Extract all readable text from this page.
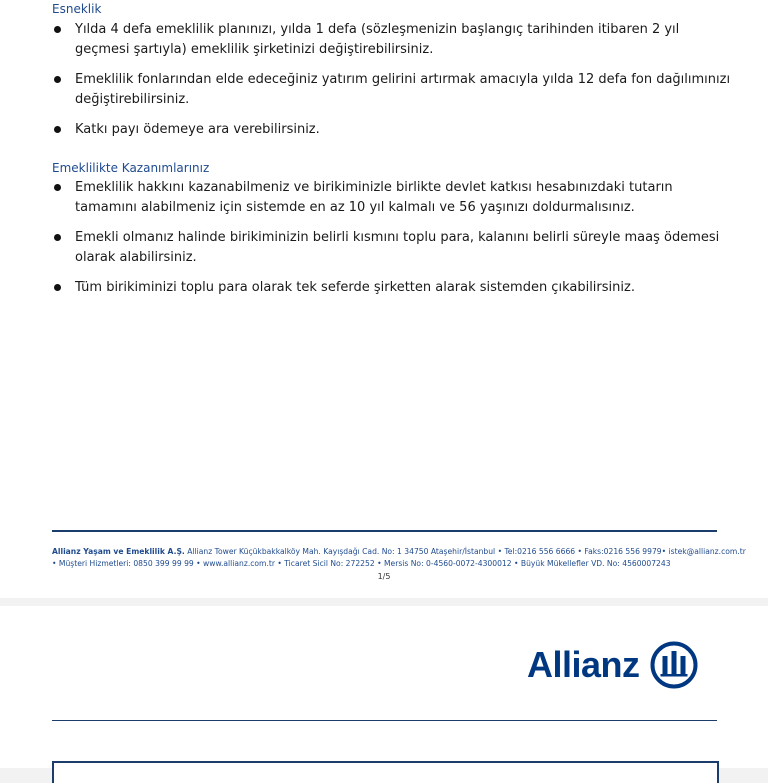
Esneklik
Yılda 4 defa emeklilik planınızı, yılda 1 defa (sözleşmenizin başlangıç tarihinden itibaren 2 yıl geçmesi şartıyla) emeklilik şirketinizi değiştirebilirsiniz.
Emeklilik fonlarından elde edeceğiniz yatırım gelirini artırmak amacıyla yılda 12 defa fon dağılımınızı değiştirebilirsiniz.
Katkı payı ödemeye ara verebilirsiniz.
Emeklilikte Kazanımlarınız
Emeklilik hakkını kazanabilmeniz ve birikiminizle birlikte devlet katkısı hesabınızdaki tutarın tamamını alabilmeniz için sistemde en az 10 yıl kalmalı ve 56 yaşınızı doldurmalısınız.
Emekli olmanız halinde birikiminizin belirli kısmını toplu para, kalanını belirli süreyle maaş ödemesi olarak alabilirsiniz.
Tüm birikiminizi toplu para olarak tek seferde şirketten alarak sistemden çıkabilirsiniz.
Allianz Yaşam ve Emeklilik A.Ş. Allianz Tower Küçükbakkalköy Mah. Kayışdağı Cad. No: 1 34750 Ataşehir/İstanbul • Tel:0216 556 6666 • Faks:0216 556 9979• istek@allianz.com.tr
• Müşteri Hizmetleri: 0850 399 99 99 • www.allianz.com.tr • Ticaret Sicil No: 272252 • Mersis No: 0-4560-0072-4300012 • Büyük Mükellefler VD. No: 4560007243
1/5
Allianz
